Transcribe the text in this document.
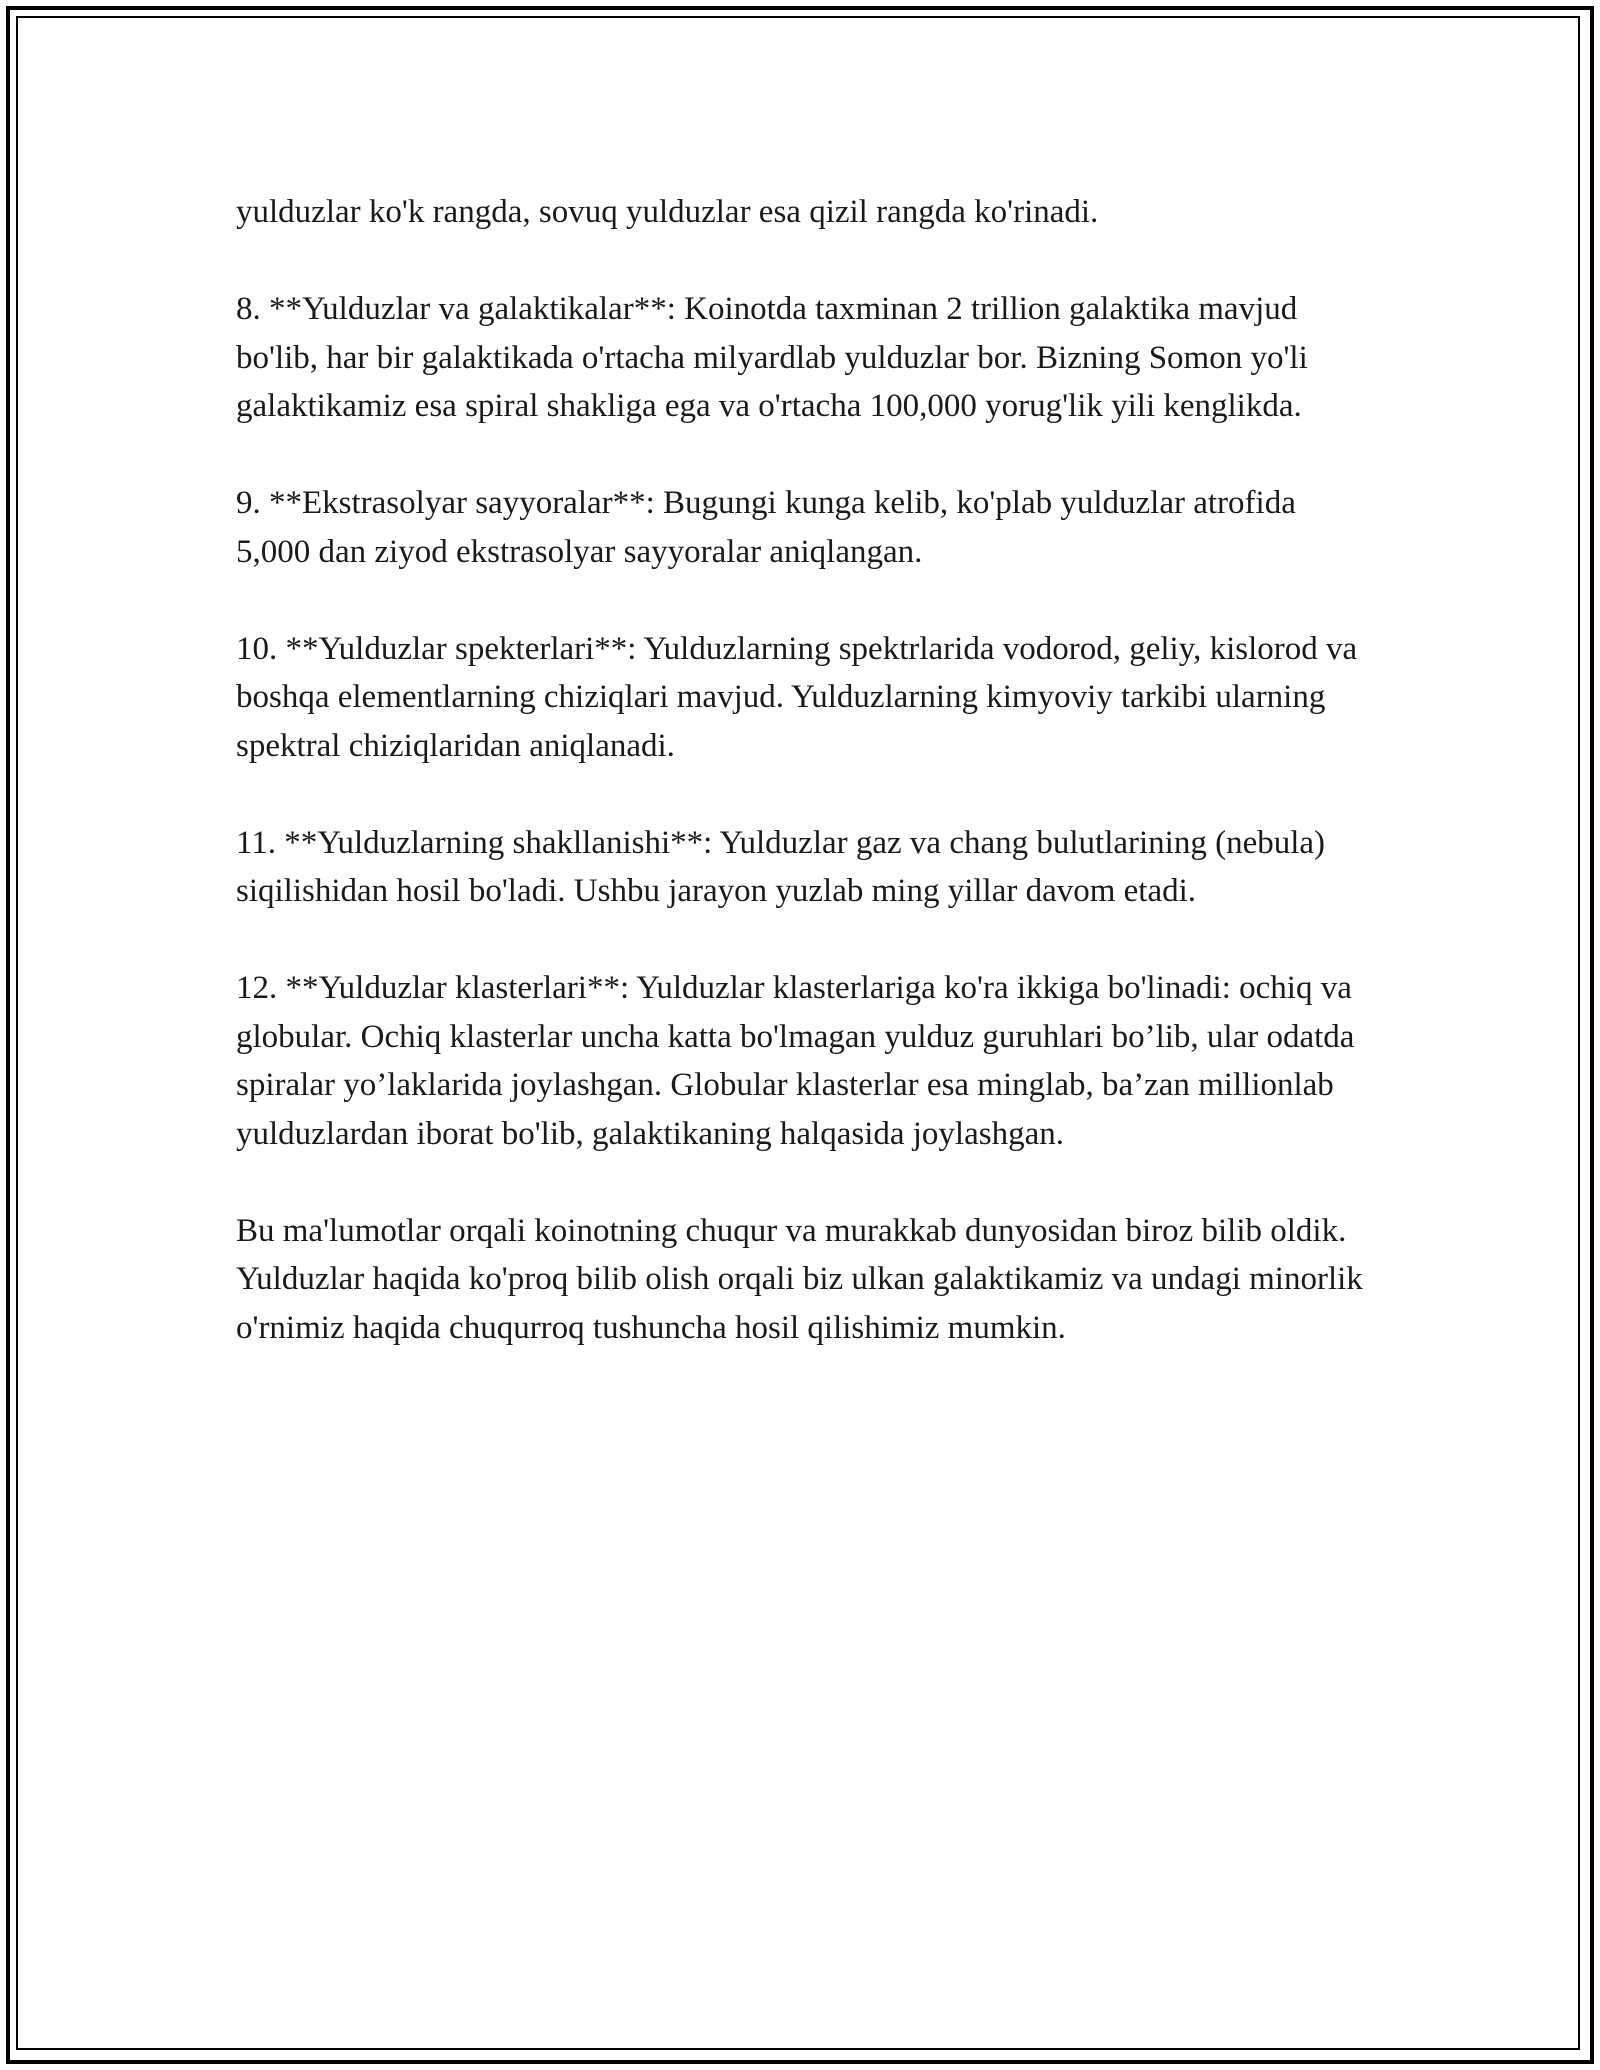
yulduzlar ko'k rangda, sovuq yulduzlar esa qizil rangda ko'rinadi.

8. **Yulduzlar va galaktikalar**: Koinotda taxminan 2 trillion galaktika mavjud bo'lib, har bir galaktikada o'rtacha milyardlab yulduzlar bor. Bizning Somon yo'li galaktikamiz esa spiral shakliga ega va o'rtacha 100,000 yorug'lik yili kenglikda.

9. **Ekstrasolyar sayyoralar**: Bugungi kunga kelib, ko'plab yulduzlar atrofida 5,000 dan ziyod ekstrasolyar sayyoralar aniqlangan.

10. **Yulduzlar spekterlari**: Yulduzlarning spektrlarida vodorod, geliy, kislorod va boshqa elementlarning chiziqlari mavjud. Yulduzlarning kimyoviy tarkibi ularning spektral chiziqlaridan aniqlanadi.

11. **Yulduzlarning shakllanishi**: Yulduzlar gaz va chang bulutlarining (nebula) siqilishidan hosil bo'ladi. Ushbu jarayon yuzlab ming yillar davom etadi.

12. **Yulduzlar klasterlari**: Yulduzlar klasterlariga ko'ra ikkiga bo'linadi: ochiq va globular. Ochiq klasterlar uncha katta bo'lmagan yulduz guruhlari bo’lib, ular odatda spiralar yo’laklarida joylashgan. Globular klasterlar esa minglab, ba’zan millionlab yulduzlardan iborat bo'lib, galaktikaning halqasida joylashgan.

Bu ma'lumotlar orqali koinotning chuqur va murakkab dunyosidan biroz bilib oldik. Yulduzlar haqida ko'proq bilib olish orqali biz ulkan galaktikamiz va undagi minorlik o'rnimiz haqida chuqurroq tushuncha hosil qilishimiz mumkin.
